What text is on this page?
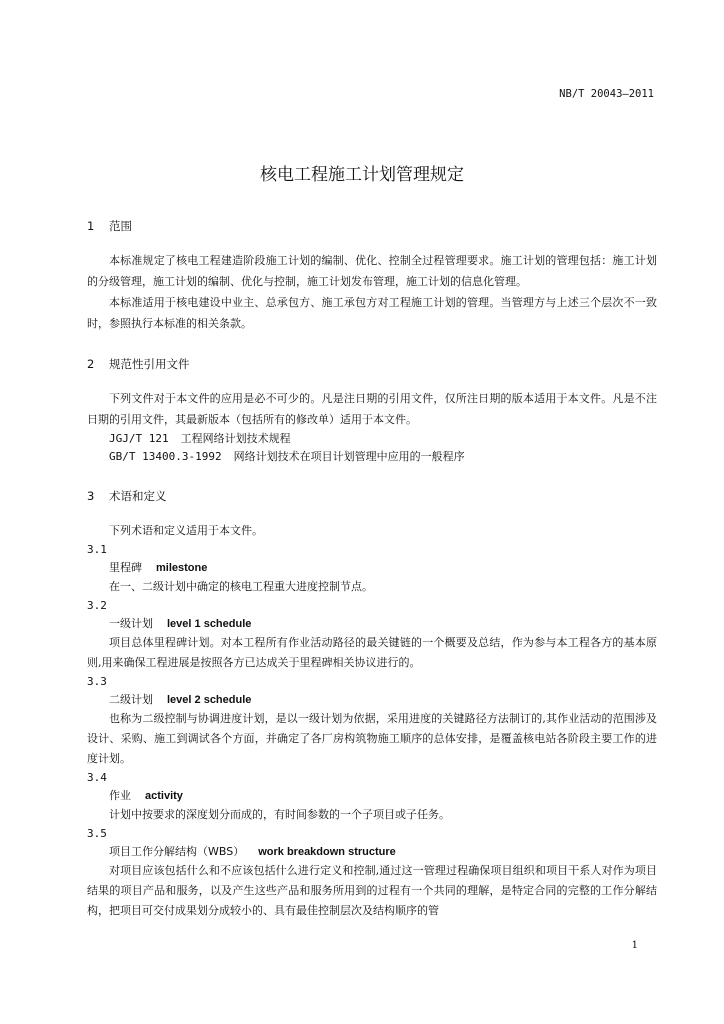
NB/T 20043—2011
核电工程施工计划管理规定
1 范围
本标准规定了核电工程建造阶段施工计划的编制、优化、控制全过程管理要求。施工计划的管理包括：施工计划的分级管理，施工计划的编制、优化与控制，施工计划发布管理，施工计划的信息化管理。
本标准适用于核电建设中业主、总承包方、施工承包方对工程施工计划的管理。当管理方与上述三个层次不一致时，参照执行本标准的相关条款。
2 规范性引用文件
下列文件对于本文件的应用是必不可少的。凡是注日期的引用文件，仅所注日期的版本适用于本文件。凡是不注日期的引用文件，其最新版本（包括所有的修改单）适用于本文件。
JGJ/T 121 工程网络计划技术规程
GB/T 13400.3-1992 网络计划技术在项目计划管理中应用的一般程序
3 术语和定义
下列术语和定义适用于本文件。
3.1
里程碑 milestone
在一、二级计划中确定的核电工程重大进度控制节点。
3.2
一级计划 level 1 schedule
项目总体里程碑计划。对本工程所有作业活动路径的最关键链的一个概要及总结，作为参与本工程各方的基本原则,用来确保工程进展是按照各方已达成关于里程碑相关协议进行的。
3.3
二级计划 level 2 schedule
也称为二级控制与协调进度计划，是以一级计划为依据，采用进度的关键路径方法制订的,其作业活动的范围涉及设计、采购、施工到调试各个方面，并确定了各厂房构筑物施工顺序的总体安排，是覆盖核电站各阶段主要工作的进度计划。
3.4
作业 activity
计划中按要求的深度划分而成的，有时间参数的一个子项目或子任务。
3.5
项目工作分解结构（WBS） work breakdown structure
对项目应该包括什么和不应该包括什么进行定义和控制,通过这一管理过程确保项目组织和项目干系人对作为项目结果的项目产品和服务，以及产生这些产品和服务所用到的过程有一个共同的理解，是特定合同的完整的工作分解结构，把项目可交付成果划分成较小的、具有最佳控制层次及结构顺序的管
1
